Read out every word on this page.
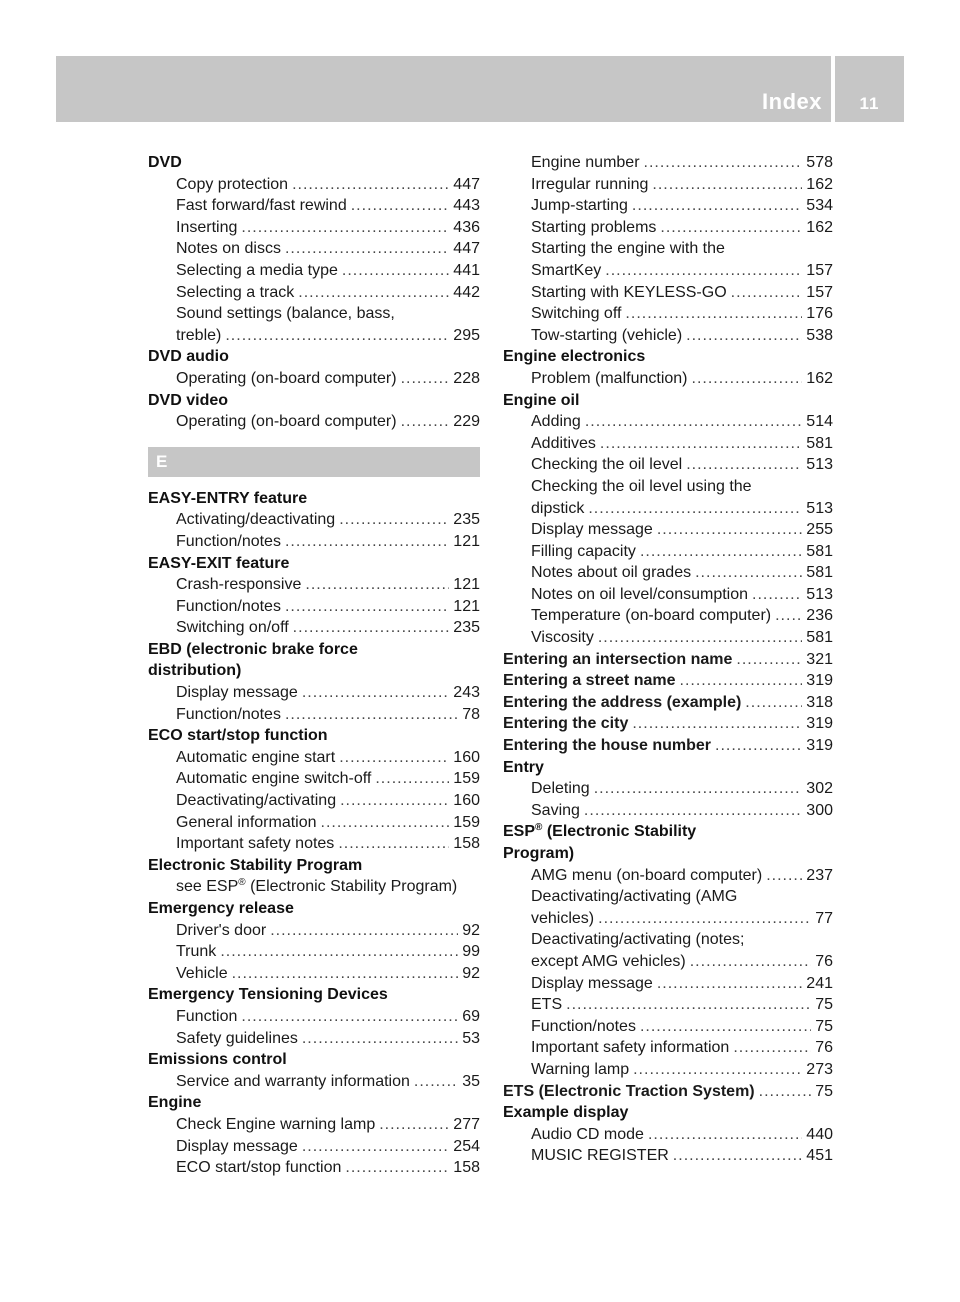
Index	11
DVD
Copy protection .....	447
Fast forward/fast rewind .....	443
Inserting .....	436
Notes on discs .....	447
Selecting a media type .....	441
Selecting a track .....	442
Sound settings (balance, bass,
treble) .....	295
DVD audio
Operating (on-board computer) .....	228
DVD video
Operating (on-board computer) .....	229
E
EASY-ENTRY feature
Activating/deactivating .....	235
Function/notes .....	121
EASY-EXIT feature
Crash-responsive .....	121
Function/notes .....	121
Switching on/off .....	235
EBD (electronic brake force
distribution)
Display message .....	243
Function/notes .....	78
ECO start/stop function
Automatic engine start .....	160
Automatic engine switch-off .....	159
Deactivating/activating .....	160
General information .....	159
Important safety notes .....	158
Electronic Stability Program
see ESP® (Electronic Stability Program)
Emergency release
Driver's door .....	92
Trunk .....	99
Vehicle .....	92
Emergency Tensioning Devices
Function .....	69
Safety guidelines .....	53
Emissions control
Service and warranty information .....	35
Engine
Check Engine warning lamp .....	277
Display message .....	254
ECO start/stop function .....	158
Engine number .....	578
Irregular running .....	162
Jump-starting .....	534
Starting problems .....	162
Starting the engine with the
SmartKey .....	157
Starting with KEYLESS-GO .....	157
Switching off .....	176
Tow-starting (vehicle) .....	538
Engine electronics
Problem (malfunction) .....	162
Engine oil
Adding .....	514
Additives .....	581
Checking the oil level .....	513
Checking the oil level using the
dipstick .....	513
Display message .....	255
Filling capacity .....	581
Notes about oil grades .....	581
Notes on oil level/consumption .....	513
Temperature (on-board computer) ..... 236
Viscosity .....	581
Entering an intersection name .....	321
Entering a street name .....	319
Entering the address (example) .....	318
Entering the city .....	319
Entering the house number .....	319
Entry
Deleting .....	302
Saving .....	300
ESP® (Electronic Stability
Program)
AMG menu (on-board computer) .....	237
Deactivating/activating (AMG
vehicles) .....	77
Deactivating/activating (notes;
except AMG vehicles) .....	76
Display message .....	241
ETS .....	75
Function/notes .....	75
Important safety information .....	76
Warning lamp .....	273
ETS (Electronic Traction System) .....	75
Example display
Audio CD mode .....	440
MUSIC REGISTER .....	451
